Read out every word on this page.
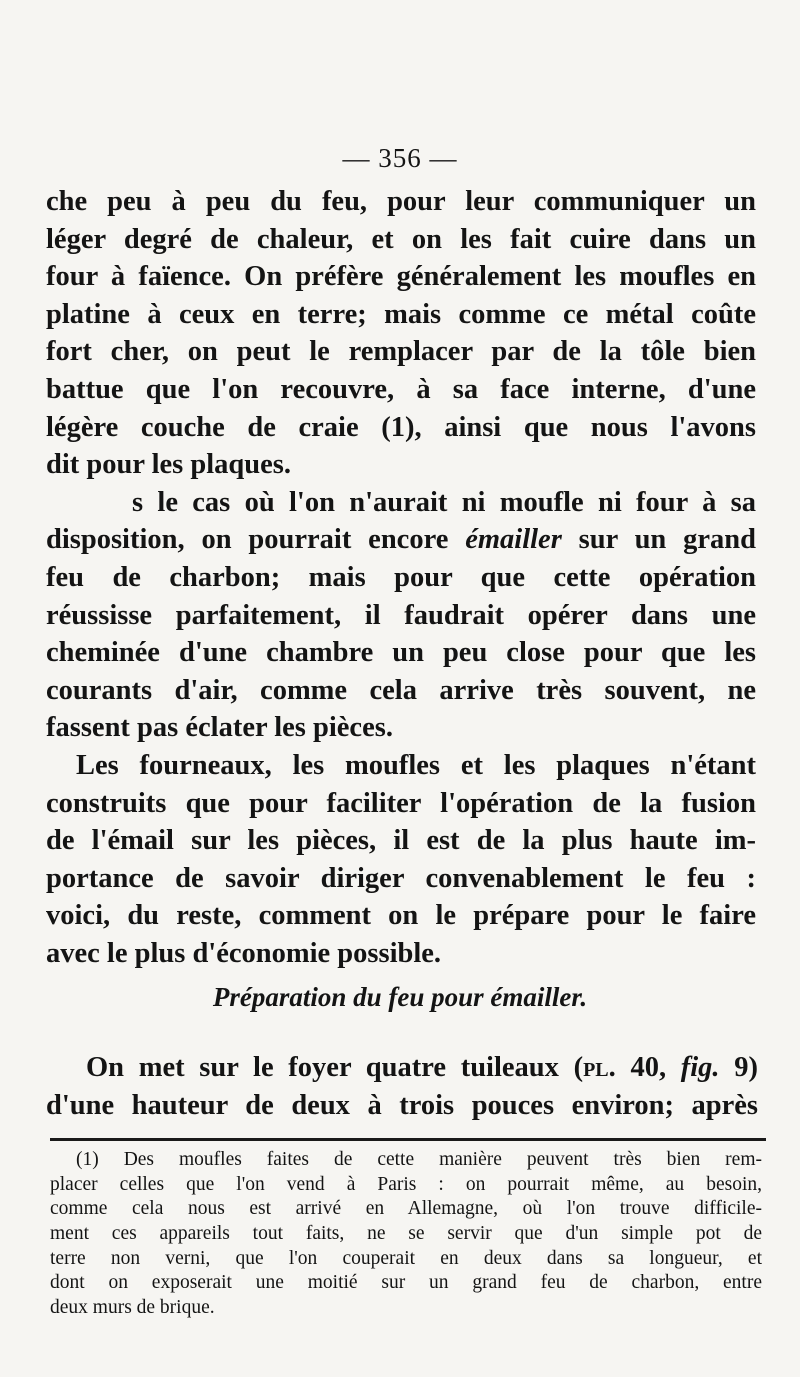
— 356 —
che peu à peu du feu, pour leur communiquer un
léger degré de chaleur, et on les fait cuire dans un
four à faïence. On préfère généralement les moufles en
platine à ceux en terre; mais comme ce métal coûte
fort cher, on peut le remplacer par de la tôle bien
battue que l'on recouvre, à sa face interne, d'une
légère couche de craie (1), ainsi que nous l'avons
dit pour les plaques.
s le cas où l'on n'aurait ni moufle ni four à sa
disposition, on pourrait encore émailler sur un grand
feu de charbon; mais pour que cette opération
réussisse parfaitement, il faudrait opérer dans une
cheminée d'une chambre un peu close pour que les
courants d'air, comme cela arrive très souvent, ne
fassent pas éclater les pièces.
Les fourneaux, les moufles et les plaques n'étant
construits que pour faciliter l'opération de la fusion
de l'émail sur les pièces, il est de la plus haute im-
portance de savoir diriger convenablement le feu :
voici, du reste, comment on le prépare pour le faire
avec le plus d'économie possible.
Préparation du feu pour émailler.
On met sur le foyer quatre tuileaux (pl. 40, fig. 9)
d'une hauteur de deux à trois pouces environ; après
(1) Des moufles faites de cette manière peuvent très bien rem-
placer celles que l'on vend à Paris : on pourrait même, au besoin,
comme cela nous est arrivé en Allemagne, où l'on trouve difficile-
ment ces appareils tout faits, ne se servir que d'un simple pot de
terre non verni, que l'on couperait en deux dans sa longueur, et
dont on exposerait une moitié sur un grand feu de charbon, entre
deux murs de brique.
